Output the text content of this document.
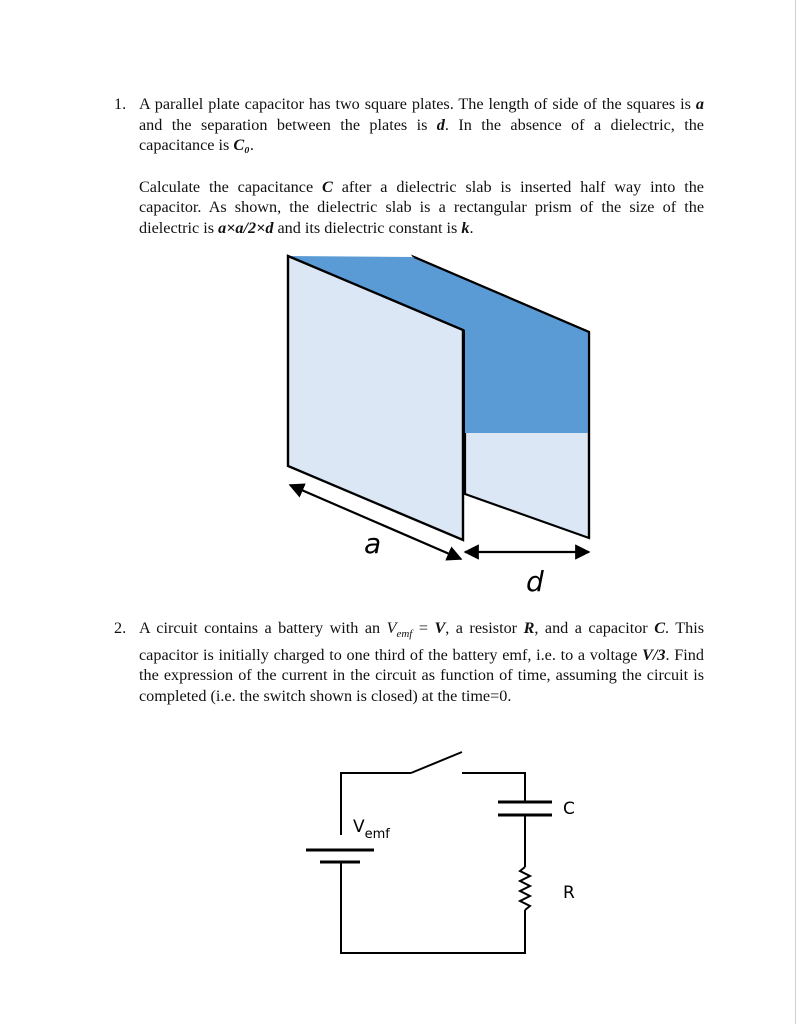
1. A parallel plate capacitor has two square plates. The length of side of the squares is a and the separation between the plates is d. In the absence of a dielectric, the capacitance is C₀.

Calculate the capacitance C after a dielectric slab is inserted half way into the capacitor. As shown, the dielectric slab is a rectangular prism of the size of the dielectric is a×a/2×d and its dielectric constant is k.

a
d
2. A circuit contains a battery with an $V_{emf} = V$, a resistor R, and a capacitor C. This capacitor is initially charged to one third of the battery emf, i.e. to a voltage V/3. Find the expression of the current in the circuit as function of time, assuming the circuit is completed (i.e. the switch shown is closed) at the time=0.

$V_{emf}$
C
R
